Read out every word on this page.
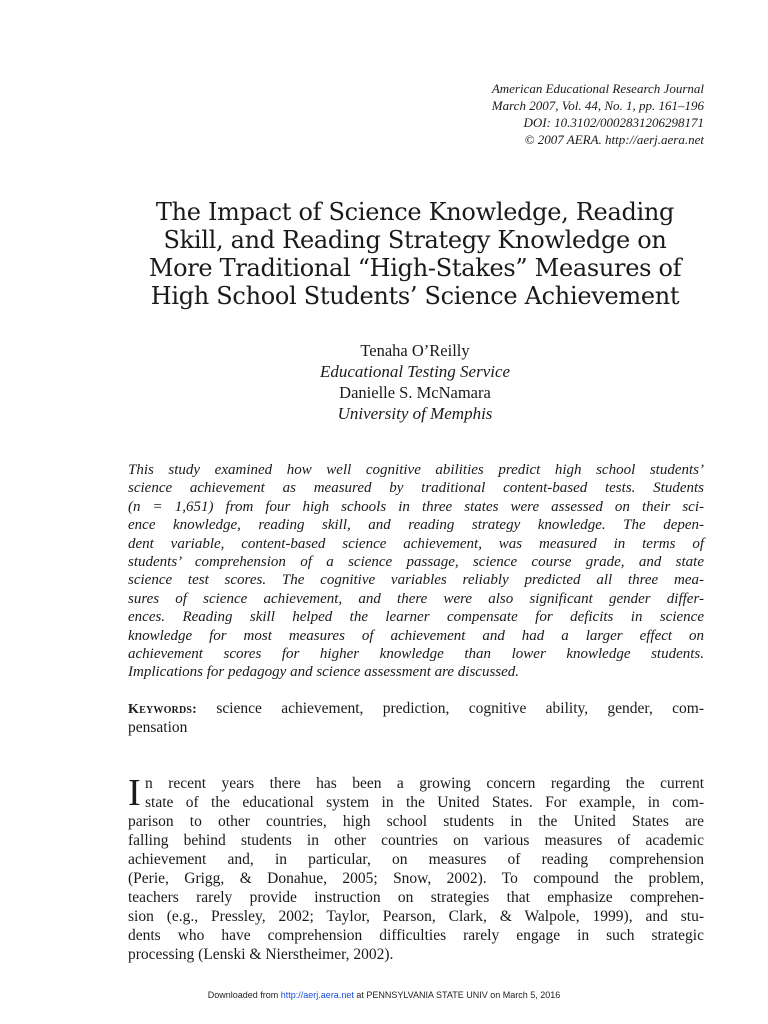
American Educational Research Journal
March 2007, Vol. 44, No. 1, pp. 161–196
DOI: 10.3102/0002831206298171
© 2007 AERA. http://aerj.aera.net
The Impact of Science Knowledge, Reading
Skill, and Reading Strategy Knowledge on
More Traditional “High-Stakes” Measures of
High School Students’ Science Achievement
Tenaha O’Reilly
Educational Testing Service
Danielle S. McNamara
University of Memphis
This study examined how well cognitive abilities predict high school students’
science achievement as measured by traditional content-based tests. Students
(n = 1,651) from four high schools in three states were assessed on their sci-
ence knowledge, reading skill, and reading strategy knowledge. The depen-
dent variable, content-based science achievement, was measured in terms of
students’ comprehension of a science passage, science course grade, and state
science test scores. The cognitive variables reliably predicted all three mea-
sures of science achievement, and there were also significant gender differ-
ences. Reading skill helped the learner compensate for deficits in science
knowledge for most measures of achievement and had a larger effect on
achievement scores for higher knowledge than lower knowledge students.
Implications for pedagogy and science assessment are discussed.
Keywords: science achievement, prediction, cognitive ability, gender, com-
pensation
I n recent years there has been a growing concern regarding the current
state of the educational system in the United States. For example, in com-
parison to other countries, high school students in the United States are
falling behind students in other countries on various measures of academic
achievement and, in particular, on measures of reading comprehension
(Perie, Grigg, & Donahue, 2005; Snow, 2002). To compound the problem,
teachers rarely provide instruction on strategies that emphasize comprehen-
sion (e.g., Pressley, 2002; Taylor, Pearson, Clark, & Walpole, 1999), and stu-
dents who have comprehension difficulties rarely engage in such strategic
processing (Lenski & Nierstheimer, 2002).
Downloaded from http://aerj.aera.net at PENNSYLVANIA STATE UNIV on March 5, 2016
